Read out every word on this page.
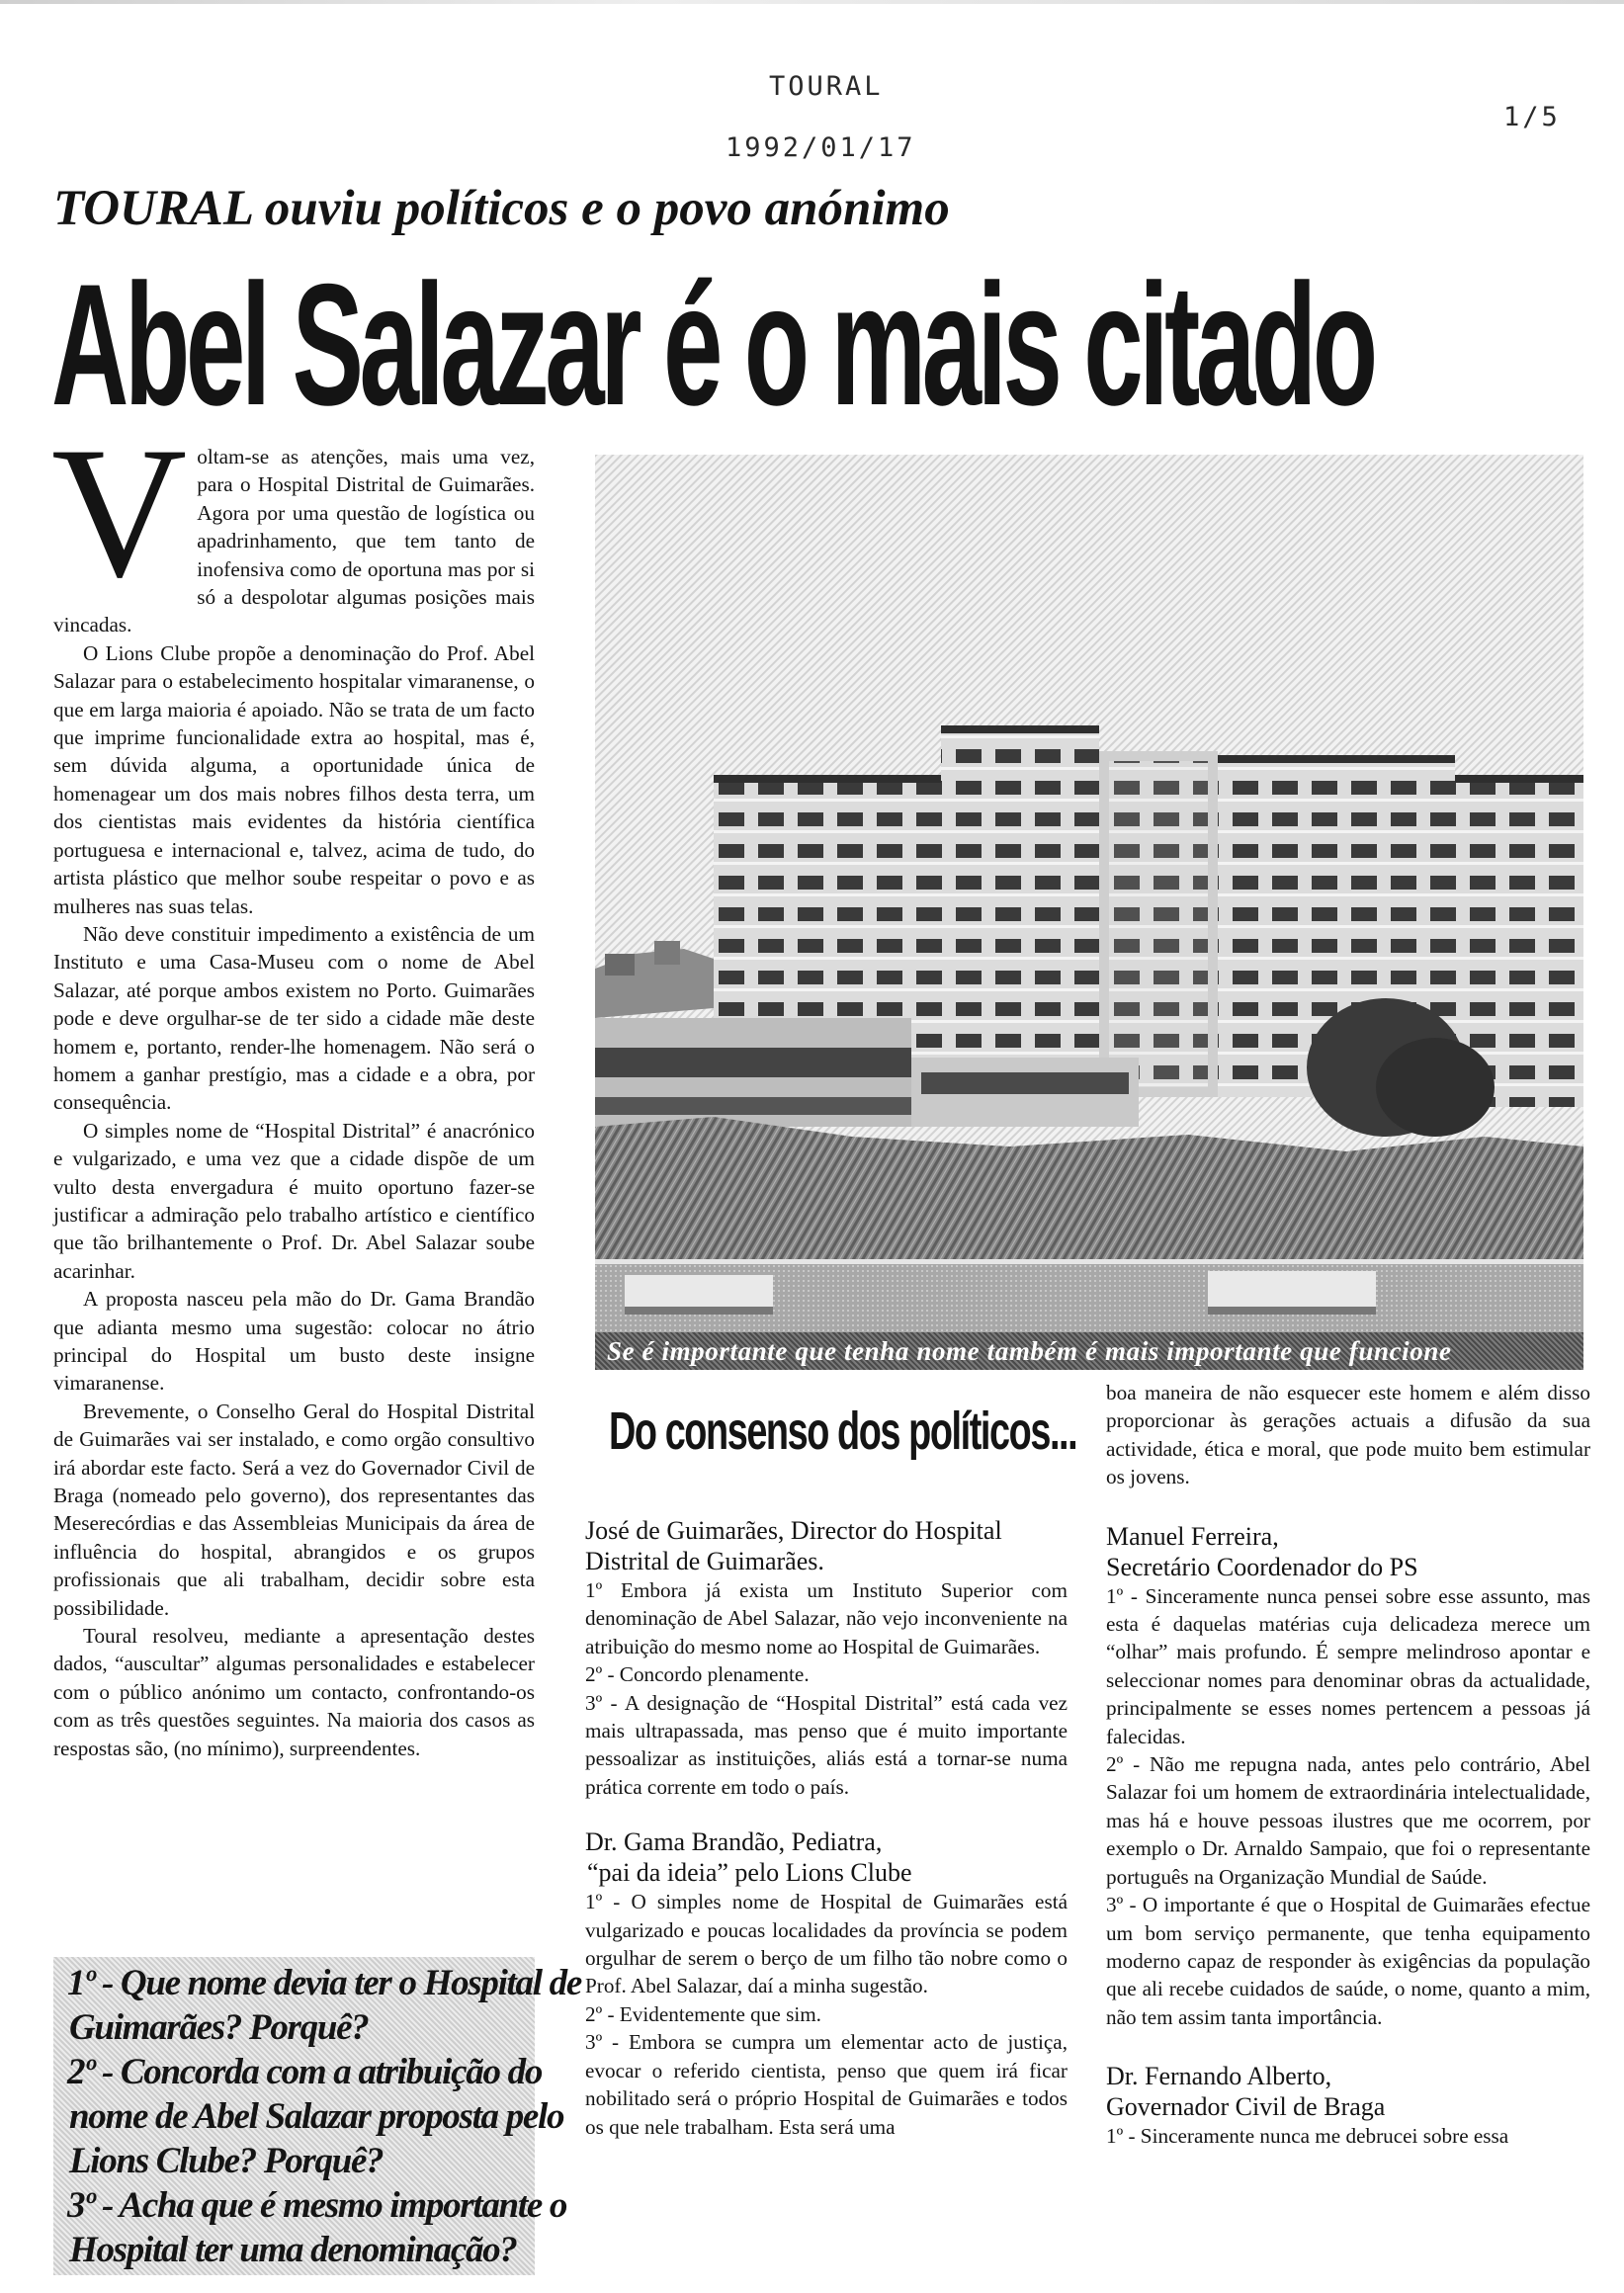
TOURAL
1/5
1992/01/17
TOURAL ouviu políticos e o povo anónimo
Abel Salazar é o mais citado

Voltam-se as atenções, mais uma vez, para o Hospital Distrital de Guimarães. Agora por uma questão de logística ou apadrinhamento, que tem tanto de inofensiva como de oportuna mas por si só a despolotar algumas posições mais vincadas.

O Lions Clube propõe a denominação do Prof. Abel Salazar para o estabelecimento hospitalar vimaranense, o que em larga maioria é apoiado. Não se trata de um facto que imprime funcionalidade extra ao hospital, mas é, sem dúvida alguma, a oportunidade única de homenagear um dos mais nobres filhos desta terra, um dos cientistas mais evidentes da história científica portuguesa e internacional e, talvez, acima de tudo, do artista plástico que melhor soube respeitar o povo e as mulheres nas suas telas.

Não deve constituir impedimento a existência de um Instituto e uma Casa-Museu com o nome de Abel Salazar, até porque ambos existem no Porto. Guimarães pode e deve orgulhar-se de ter sido a cidade mãe deste homem e, portanto, render-lhe homenagem. Não será o homem a ganhar prestígio, mas a cidade e a obra, por consequência.

O simples nome de “Hospital Distrital” é anacrónico e vulgarizado, e uma vez que a cidade dispõe de um vulto desta envergadura é muito oportuno fazer-se justificar a admiração pelo trabalho artístico e científico que tão brilhantemente o Prof. Dr. Abel Salazar soube acarinhar.

A proposta nasceu pela mão do Dr. Gama Brandão que adianta mesmo uma sugestão: colocar no átrio principal do Hospital um busto deste insigne vimaranense.

Brevemente, o Conselho Geral do Hospital Distrital de Guimarães vai ser instalado, e como orgão consultivo irá abordar este facto. Será a vez do Governador Civil de Braga (nomeado pelo governo), dos representantes das Meserecórdias e das Assembleias Municipais da área de influência do hospital, abrangidos e os grupos profissionais que ali trabalham, decidir sobre esta possibilidade.

Toural resolveu, mediante a apresentação destes dados, “auscultar” algumas personalidades e estabelecer com o público anónimo um contacto, confrontando-os com as três questões seguintes. Na maioria dos casos as respostas são, (no mínimo), surpreendentes.

1º - Que nome devia ter o Hospital de

Guimarães? Porquê?

2º - Concorda com a atribuição do

nome de Abel Salazar proposta pelo

Lions Clube? Porquê?

3º - Acha que é mesmo importante o

Hospital ter uma denominação?

Se é importante que tenha nome também é mais importante que funcione
Do consenso dos políticos...

José de Guimarães, Director do Hospital
Distrital de Guimarães.

1º Embora já exista um Instituto Superior com denominação de Abel Salazar, não vejo inconveniente na atribuição do mesmo nome ao Hospital de Guimarães.

2º - Concordo plenamente.

3º - A designação de “Hospital Distrital” está cada vez mais ultrapassada, mas penso que é muito importante pessoalizar as instituições, aliás está a tornar-se numa prática corrente em todo o país.

Dr. Gama Brandão, Pediatra,
“pai da ideia” pelo Lions Clube

1º - O simples nome de Hospital de Guimarães está vulgarizado e poucas localidades da província se podem orgulhar de serem o berço de um filho tão nobre como o Prof. Abel Salazar, daí a minha sugestão.

2º - Evidentemente que sim.

3º - Embora se cumpra um elementar acto de justiça, evocar o referido cientista, penso que quem irá ficar nobilitado será o próprio Hospital de Guimarães e todos os que nele trabalham. Esta será uma

boa maneira de não esquecer este homem e além disso proporcionar às gerações actuais a difusão da sua actividade, ética e moral, que pode muito bem estimular os jovens.

Manuel Ferreira,
Secretário Coordenador do PS

1º - Sinceramente nunca pensei sobre esse assunto, mas esta é daquelas matérias cuja delicadeza merece um “olhar” mais profundo. É sempre melindroso apontar e seleccionar nomes para denominar obras da actualidade, principalmente se esses nomes pertencem a pessoas já falecidas.

2º - Não me repugna nada, antes pelo contrário, Abel Salazar foi um homem de extraordinária intelectualidade, mas há e houve pessoas ilustres que me ocorrem, por exemplo o Dr. Arnaldo Sampaio, que foi o representante português na Organização Mundial de Saúde.

3º - O importante é que o Hospital de Guimarães efectue um bom serviço permanente, que tenha equipamento moderno capaz de responder às exigências da população que ali recebe cuidados de saúde, o nome, quanto a mim, não tem assim tanta importância.

Dr. Fernando Alberto,
Governador Civil de Braga

1º - Sinceramente nunca me debrucei sobre essa
